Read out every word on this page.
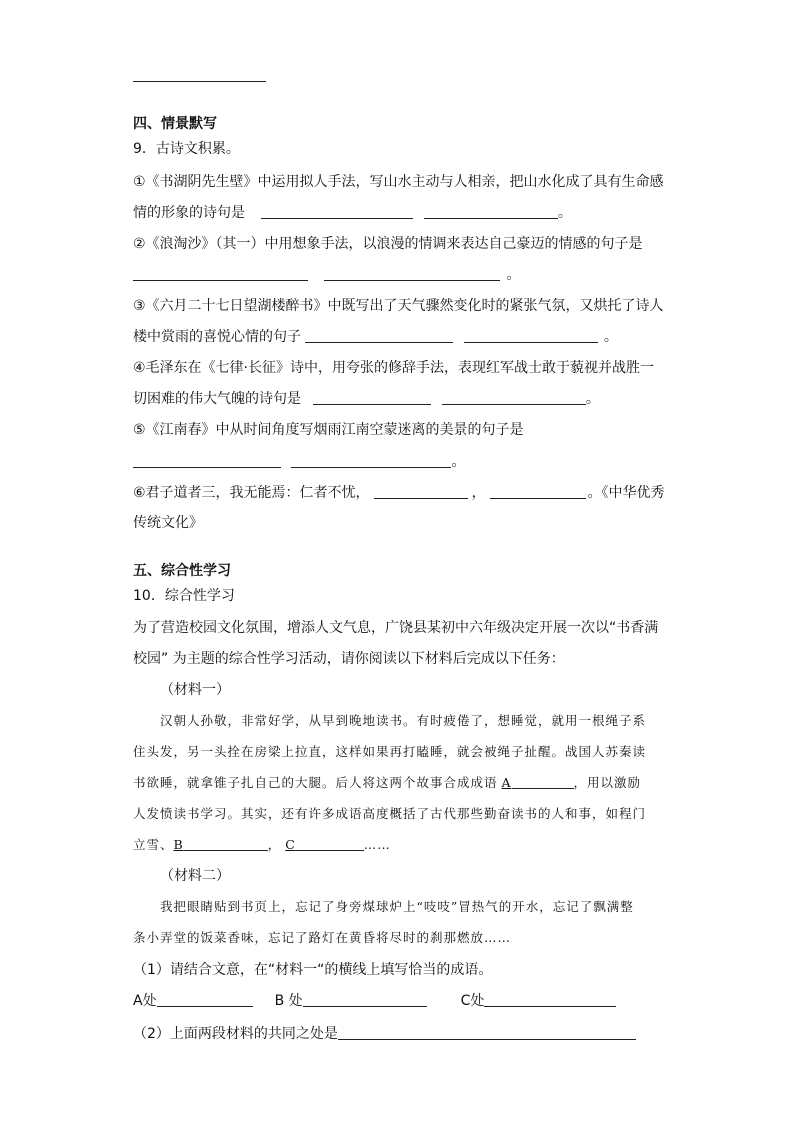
四、情景默写
9．古诗文积累。
①《书湖阴先生壁》中运用拟人手法，写山水主动与人相亲，把山水化成了具有生命感
情的形象的诗句是	。
②《浪淘沙》（其一）中用想象手法，以浪漫的情调来表达自己豪迈的情感的句子是
。
③《六月二十七日望湖楼醉书》中既写出了天气骤然变化时的紧张气氛，又烘托了诗人
楼中赏雨的喜悦心情的句子	。
④毛泽东在《七律·长征》诗中，用夸张的修辞手法，表现红军战士敢于藐视并战胜一
切困难的伟大气魄的诗句是	。
⑤《江南春》中从时间角度写烟雨江南空蒙迷离的美景的句子是
。
⑥君子道者三，我无能焉：仁者不忧，	，	。《中华优秀
传统文化》
五、综合性学习
10．综合性学习
为了营造校园文化氛围，增添人文气息，广饶县某初中六年级决定开展一次以“书香满
校园” 为主题的综合性学习活动，请你阅读以下材料后完成以下任务：
（材料一）
汉朝人孙敬，非常好学，从早到晚地读书。有时疲倦了，想睡觉，就用一根绳子系
住头发，另一头拴在房梁上拉直，这样如果再打瞌睡，就会被绳子扯醒。战国人苏秦读
书欲睡，就拿锥子扎自己的大腿。后人将这两个故事合成成语 A	，用以激励
人发愤读书学习。其实，还有许多成语高度概括了古代那些勤奋读书的人和事，如程门
立雪、B	， C	……
（材料二）
我把眼睛贴到书页上，忘记了身旁煤球炉上“吱吱”冒热气的开水，忘记了飘满整
条小弄堂的饭菜香味，忘记了路灯在黄昏将尽时的刹那燃放……
（1）请结合文意，在“材料一“的横线上填写恰当的成语。
A处	B 处	C处
（2）上面两段材料的共同之处是
